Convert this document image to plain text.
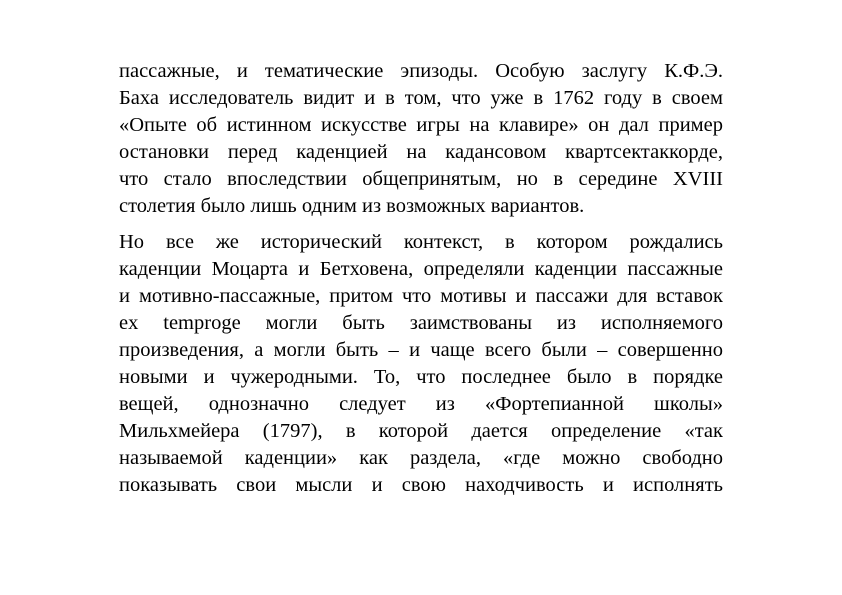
пассажные, и тематические эпизоды. Особую заслугу К.Ф.Э.
Баха исследователь видит и в том, что уже в 1762 году в своем
«Опыте об истинном искусстве игры на клавире» он дал пример
остановки перед каденцией на кадансовом квартсектаккорде,
что стало впоследствии общепринятым, но в середине XVIII
столетия было лишь одним из возможных вариантов.
Но все же исторический контекст, в котором рождались
каденции Моцарта и Бетховена, определяли каденции пассажные
и мотивно-пассажные, притом что мотивы и пассажи для вставок
ex temproge могли быть заимствованы из исполняемого
произведения, а могли быть – и чаще всего были – совершенно
новыми и чужеродными. То, что последнее было в порядке
вещей, однозначно следует из «Фортепианной школы»
Мильхмейера (1797), в которой дается определение «так
называемой каденции» как раздела, «где можно свободно
показывать свои мысли и свою находчивость и исполнять
